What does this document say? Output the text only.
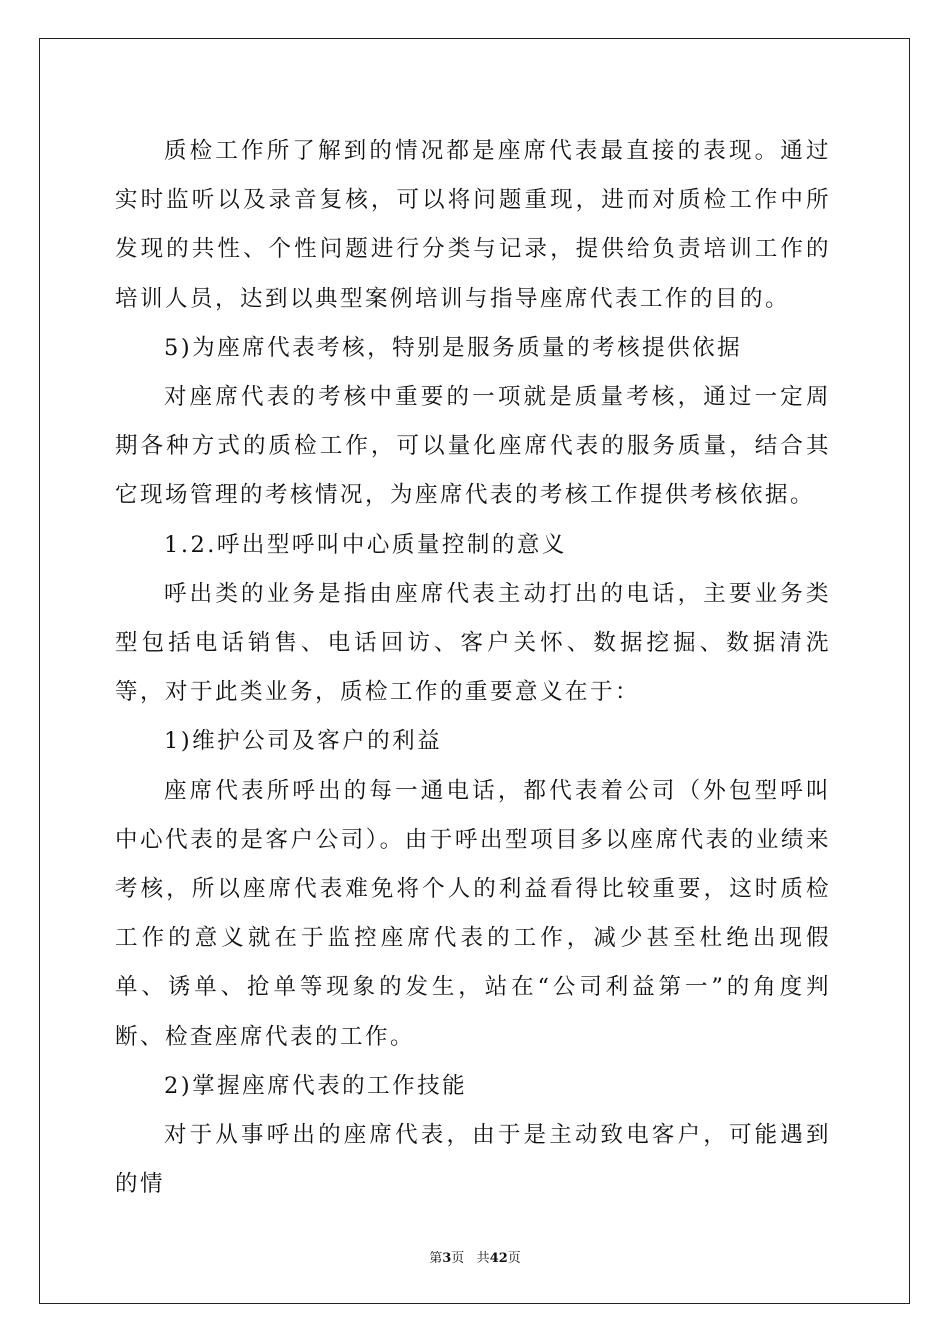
质检工作所了解到的情况都是座席代表最直接的表现。通过实时监听以及录音复核，可以将问题重现，进而对质检工作中所发现的共性、个性问题进行分类与记录，提供给负责培训工作的培训人员，达到以典型案例培训与指导座席代表工作的目的。

5)为座席代表考核，特别是服务质量的考核提供依据

对座席代表的考核中重要的一项就是质量考核，通过一定周期各种方式的质检工作，可以量化座席代表的服务质量，结合其它现场管理的考核情况，为座席代表的考核工作提供考核依据。

1.2.呼出型呼叫中心质量控制的意义

呼出类的业务是指由座席代表主动打出的电话，主要业务类型包括电话销售、电话回访、客户关怀、数据挖掘、数据清洗等，对于此类业务，质检工作的重要意义在于：

1)维护公司及客户的利益

座席代表所呼出的每一通电话，都代表着公司（外包型呼叫中心代表的是客户公司）。由于呼出型项目多以座席代表的业绩来考核，所以座席代表难免将个人的利益看得比较重要，这时质检工作的意义就在于监控座席代表的工作，减少甚至杜绝出现假单、诱单、抢单等现象的发生，站在“公司利益第一”的角度判断、检查座席代表的工作。

2)掌握座席代表的工作技能

对于从事呼出的座席代表，由于是主动致电客户，可能遇到的情

第3页 共42页
